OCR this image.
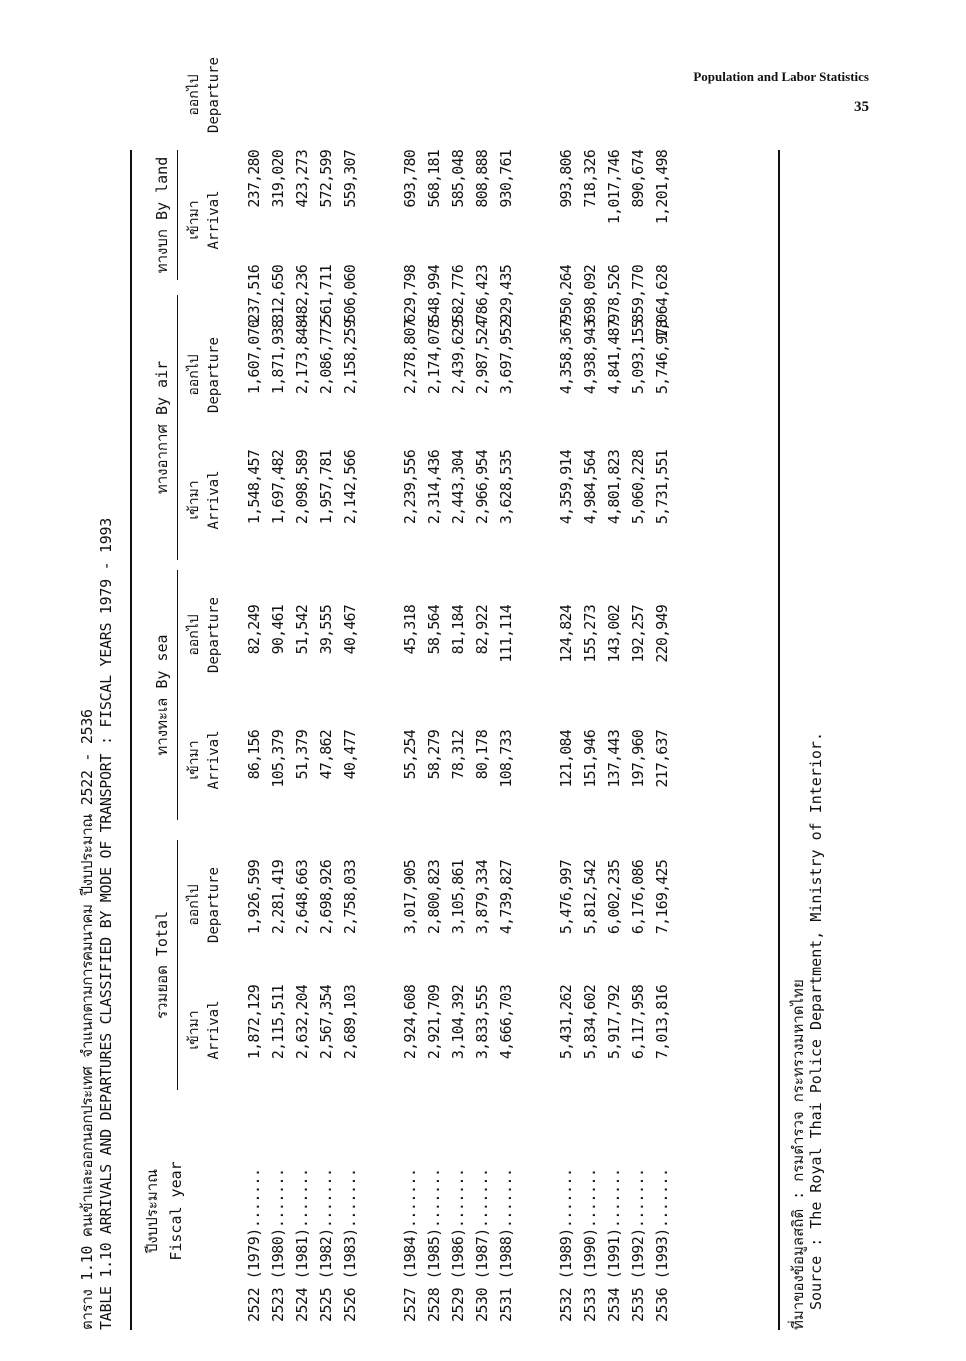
Population and Labor Statistics
35
ตาราง 1.10 คนเข้าและออกนอกประเทศ จำแนกตามการคมนาคม ปีงบประมาณ 2522 - 2536 TABLE 1.10 ARRIVALS AND DEPARTURES CLASSIFIED BY MODE OF TRANSPORT : FISCAL YEARS 1979 - 1993 ปีงบประมาณ Fiscal year
รวมยอด Total
ทางทะเล By sea
ทางอากาศ By air
ทางบก By land
เข้ามา Arrival
ออกไป Departure
เข้ามา Arrival
ออกไป Departure
เข้ามา Arrival
ออกไป Departure
เข้ามา Arrival
ออกไป Departure
2522 (1979).......
1,872,129
1,926,599
86,156
82,249
1,548,457
1,607,070
237,516
237,280
2523 (1980).......
2,115,511
2,281,419
105,379
90,461
1,697,482
1,871,938
312,650
319,020
2524 (1981).......
2,632,204
2,648,663
51,379
51,542
2,098,589
2,173,848
482,236
423,273
2525 (1982).......
2,567,354
2,698,926
47,862
39,555
1,957,781
2,086,772
561,711
572,599
2526 (1983).......
2,689,103
2,758,033
40,477
40,467
2,142,566
2,158,259
506,060
559,307
2527 (1984).......
2,924,608
3,017,905
55,254
45,318
2,239,556
2,278,807
629,798
693,780
2528 (1985).......
2,921,709
2,800,823
58,279
58,564
2,314,436
2,174,078
548,994
568,181
2529 (1986).......
3,104,392
3,105,861
78,312
81,184
2,443,304
2,439,629
582,776
585,048
2530 (1987).......
3,833,555
3,879,334
80,178
82,922
2,966,954
2,987,524
786,423
808,888
2531 (1988).......
4,666,703
4,739,827
108,733
111,114
3,628,535
3,697,952
929,435
930,761
2532 (1989).......
5,431,262
5,476,997
121,084
124,824
4,359,914
4,358,367
950,264
993,806
2533 (1990).......
5,834,602
5,812,542
151,946
155,273
4,984,564
4,938,943
698,092
718,326
2534 (1991).......
5,917,792
6,002,235
137,443
143,002
4,801,823
4,841,487
978,526
1,017,746
2535 (1992).......
6,117,958
6,176,086
197,960
192,257
5,060,228
5,093,155
859,770
890,674
2536 (1993).......
7,013,816
7,169,425
217,637
220,949
5,731,551
5,746,978
1,064,628
1,201,498
ที่มาของข้อมูลสถิติ : กรมตำรวจ กระทรวงมหาดไทย Source : The Royal Thai Police Department, Ministry of Interior.
